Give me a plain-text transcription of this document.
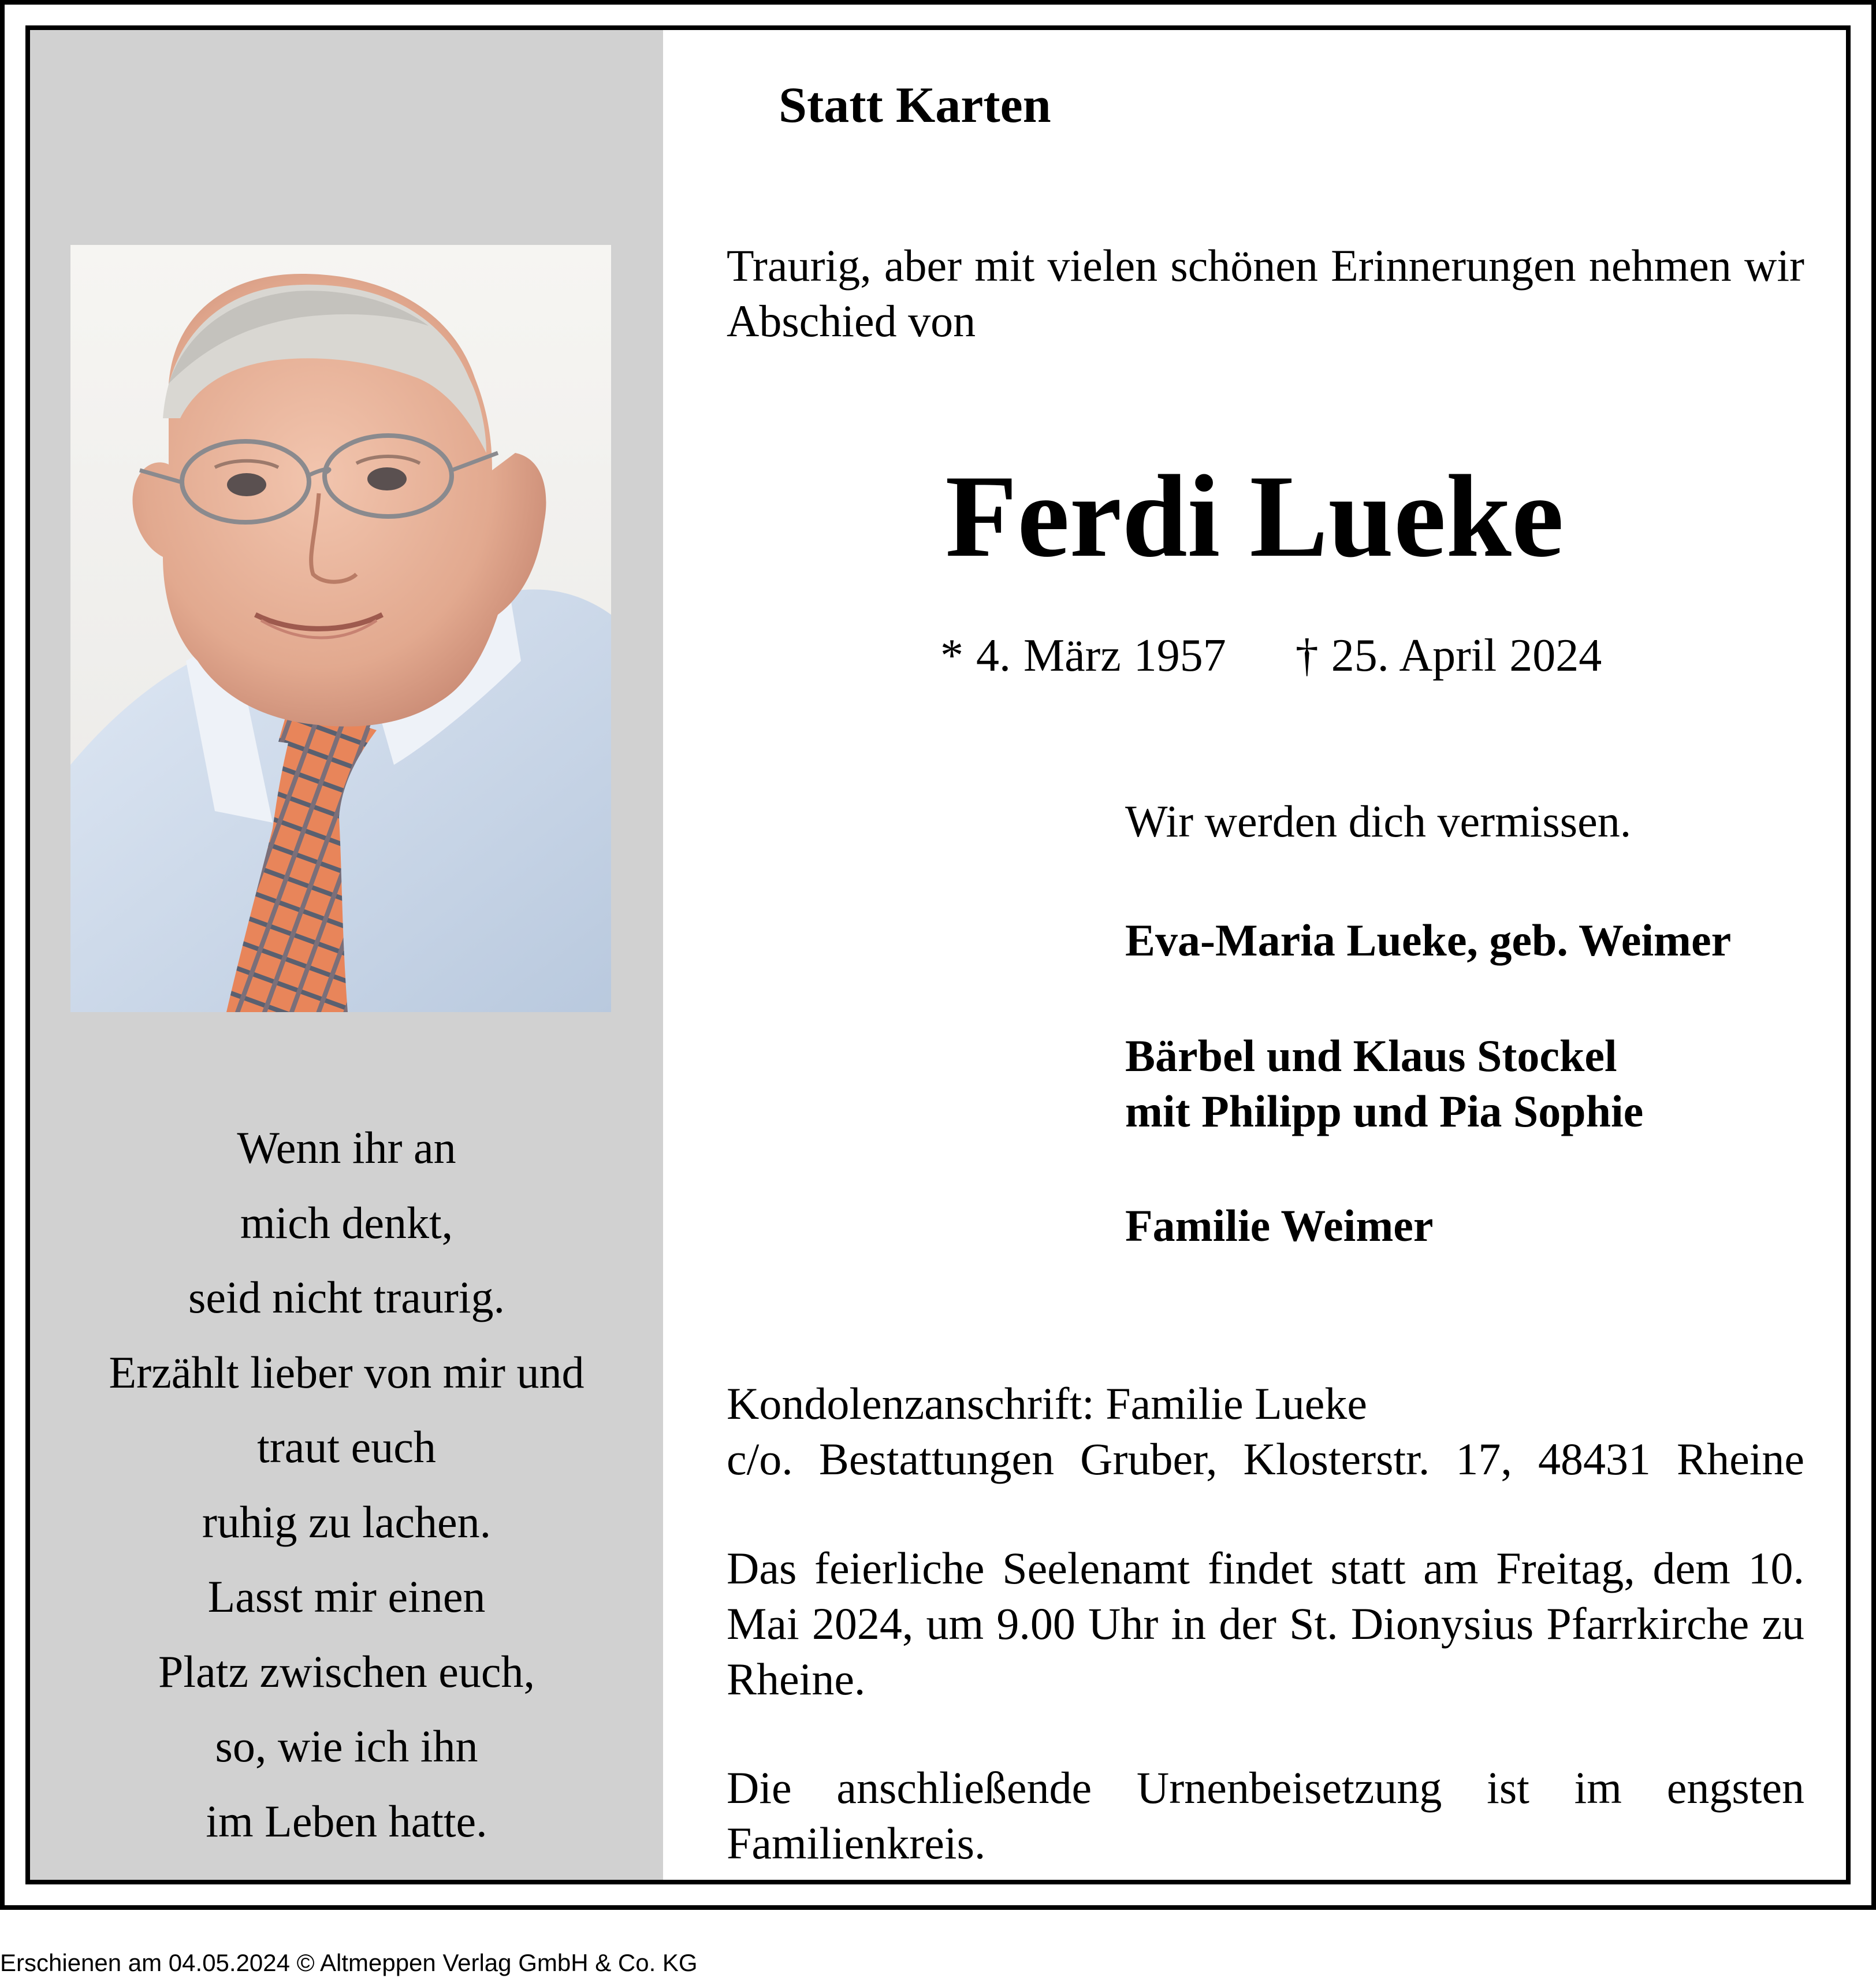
Wenn ihr an
mich denkt,
seid nicht traurig.
Erzählt lieber von mir und
traut euch
ruhig zu lachen.
Lasst mir einen
Platz zwischen euch,
so, wie ich ihn
im Leben hatte.
Statt Karten
Traurig, aber mit vielen schönen Erinnerungen nehmen wir Abschied von
Ferdi Lueke
* 4. März 1957 † 25. April 2024
Wir werden dich vermissen.
Eva-Maria Lueke, geb. Weimer
Bärbel und Klaus Stockel
mit Philipp und Pia Sophie
Familie Weimer
Kondolenzanschrift: Familie Lueke
c/o. Bestattungen Gruber, Klosterstr. 17, 48431 Rheine
Das feierliche Seelenamt findet statt am Freitag, dem 10. Mai 2024, um 9.00 Uhr in der St. Dionysius Pfarrkirche zu Rheine.
Die anschließende Urnenbeisetzung ist im engsten Familienkreis.
Erschienen am 04.05.2024 © Altmeppen Verlag GmbH & Co. KG
